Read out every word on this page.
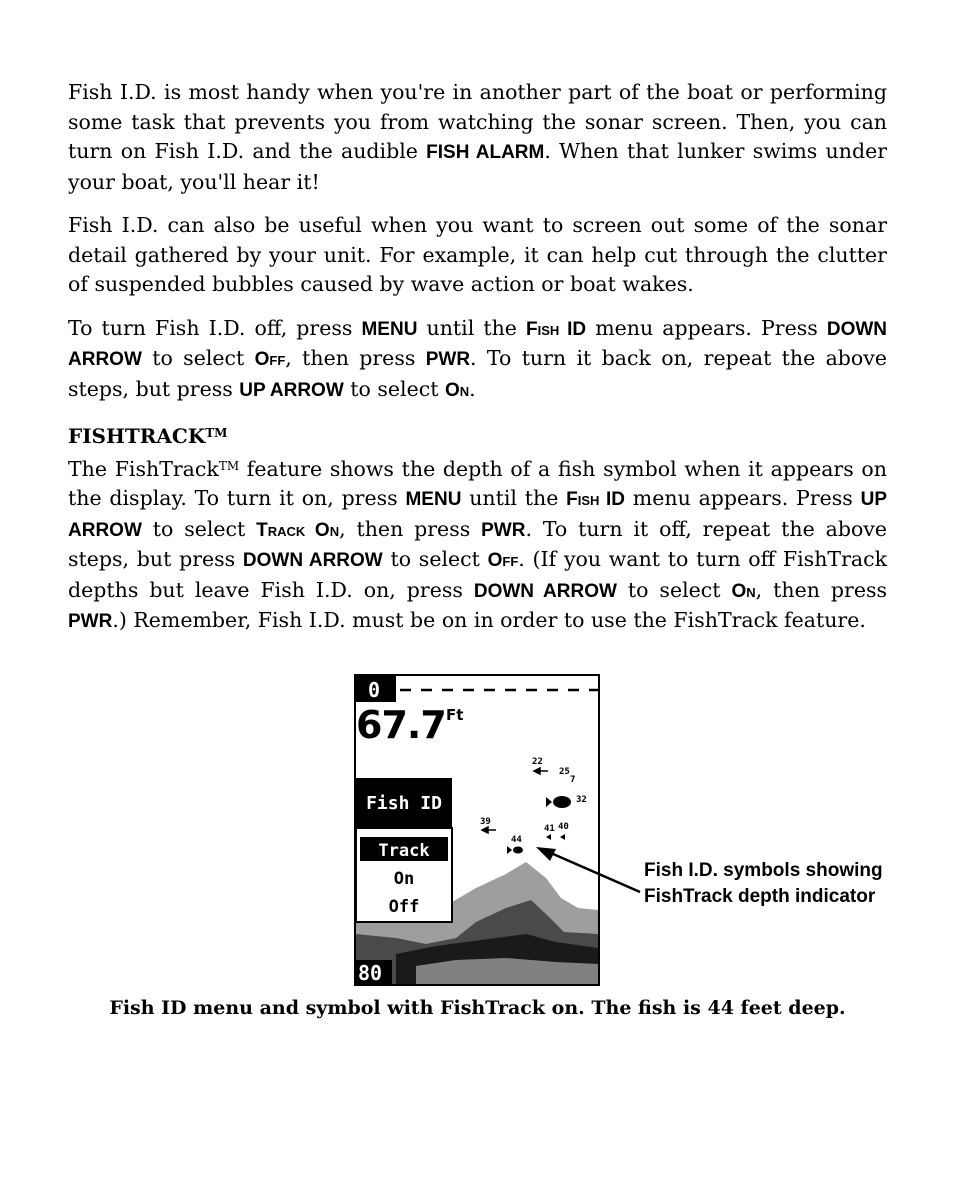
Fish I.D. is most handy when you're in another part of the boat or performing some task that prevents you from watching the sonar screen. Then, you can turn on Fish I.D. and the audible FISH ALARM. When that lunker swims under your boat, you'll hear it!

Fish I.D. can also be useful when you want to screen out some of the sonar detail gathered by your unit. For example, it can help cut through the clutter of suspended bubbles caused by wave action or boat wakes.

To turn Fish I.D. off, press MENU until the Fish ID menu appears. Press DOWN ARROW to select Off, then press PWR. To turn it back on, repeat the above steps, but press UP ARROW to select On.

FISHTRACK™

The FishTrack™ feature shows the depth of a fish symbol when it appears on the display. To turn it on, press MENU until the Fish ID menu appears. Press UP ARROW to select Track On, then press PWR. To turn it off, repeat the above steps, but press DOWN ARROW to select Off. (If you want to turn off FishTrack depths but leave Fish I.D. on, press DOWN ARROW to select On, then press PWR.) Remember, Fish I.D. must be on in order to use the FishTrack feature.

0
67.7 Ft
Fish ID
Track
On
Off
80
22
25
7
32
39
44
41 40
Fish I.D. symbols showing FishTrack depth indicator
Fish ID menu and symbol with FishTrack on. The fish is 44 feet deep.
